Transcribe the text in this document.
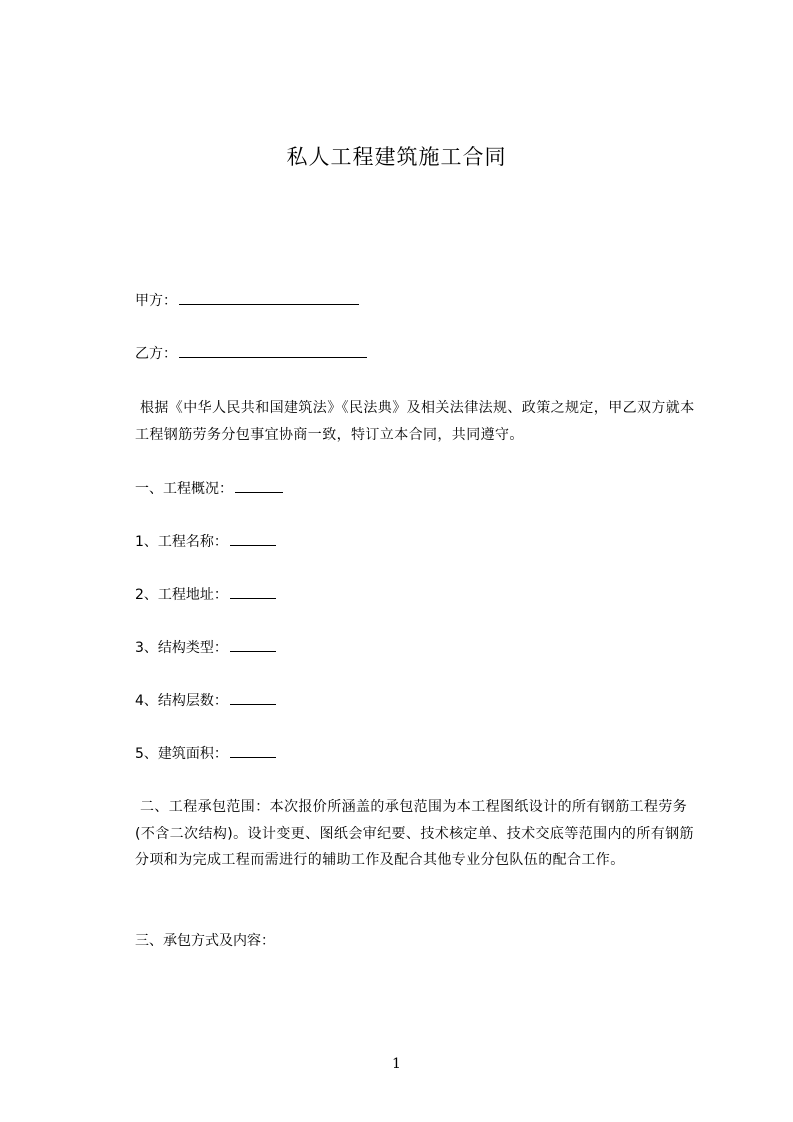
私人工程建筑施工合同
甲方：
乙方：
根据《中华人民共和国建筑法》《民法典》及相关法律法规、政策之规定，甲乙双方就本工程钢筋劳务分包事宜协商一致，特订立本合同，共同遵守。
一、工程概况：
1、工程名称：
2、工程地址：
3、结构类型：
4、结构层数：
5、建筑面积：
二、工程承包范围：本次报价所涵盖的承包范围为本工程图纸设计的所有钢筋工程劳务(不含二次结构)。设计变更、图纸会审纪要、技术核定单、技术交底等范围内的所有钢筋分项和为完成工程而需进行的辅助工作及配合其他专业分包队伍的配合工作。
三、承包方式及内容：
1
